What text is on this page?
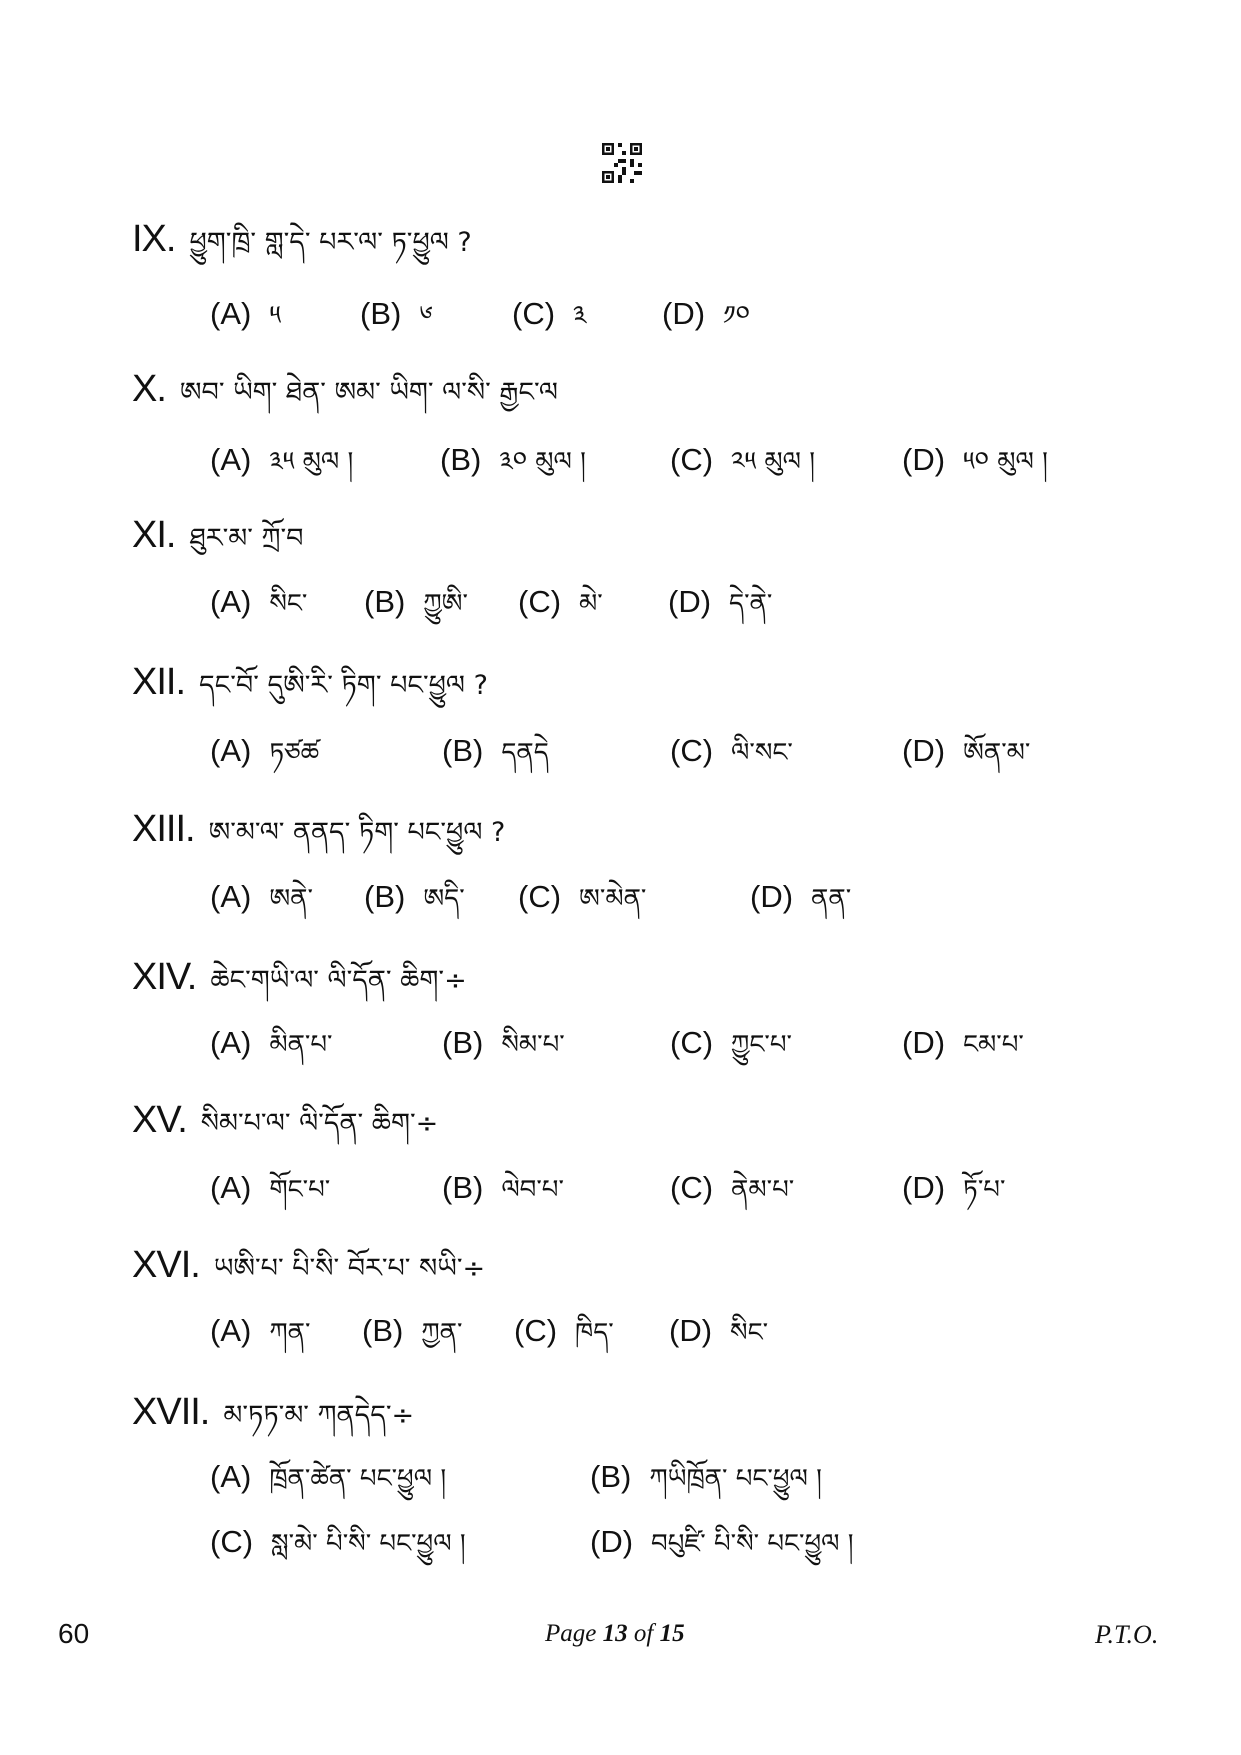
IX. ཕྱུག་ཁྲི་ གླ་དེ་ པར་ལ་ ཏ་ཕྱུལ ?
(A) ༥	(B) ༦	(C) ༣ (D) ༡༠
X. ཨབ་ ཡིག་ ཐེན་ ཨམ་ ཡིག་ ལ་སི་ རྒྱང་ལ
(A) ༣༥ མུལ །	(B) ༣༠ མུལ །	(C) ༢༥ མུལ །	(D) ༥༠ མུལ །
XI. ཐུར་མ་ ཀྲོ་བ
(A) སིང་ (B) ཀྱུཨི་ (C) མེ་ (D) དེ་ནེ་
XII. དང་བོ་ དུཨི་རི་ ཏིག་ པང་ཕྱུལ ?
(A) ཏཙཚ	(B) དནདེ	(C) ལི་སང་	(D) ཨོན་མ་
XIII. ཨ་མ་ལ་ ནནད་ ཏིག་ པང་ཕྱུལ ?
(A) ཨནེ་ (B) ཨདི་ (C) ཨ་མེན་	(D) ནན་
XIV. ཆེང་གཡི་ལ་ ལི་དོན་ ཆིག་÷
(A) མིན་པ་	(B) སིམ་པ་	(C) ཀྱུང་པ་	(D) ངམ་པ་
XV. སིམ་པ་ལ་ ལི་དོན་ ཆིག་÷
(A) གོང་པ་	(B) ལེབ་པ་	(C) ནེམ་པ་	(D) ཏོ་པ་
XVI. ཡཨི་པ་ པི་སི་ བོར་པ་ སཡི་÷
(A) ཀན་ (B) ཀྱན་ (C) ཁིད་ (D) སིང་
XVII. མ་ཏཏ་མ་ ཀནདེད་÷
(A) ཁྲོན་ཚེན་ པང་ཕྱུལ །	(B) ཀཡིཁྲོན་ པང་ཕྱུལ །
(C) སླ་མེ་ པི་སི་ པང་ཕྱུལ །	(D) བཔུཛི་ པི་སི་ པང་ཕྱུལ །
60	Page 13 of 15	P.T.O.
